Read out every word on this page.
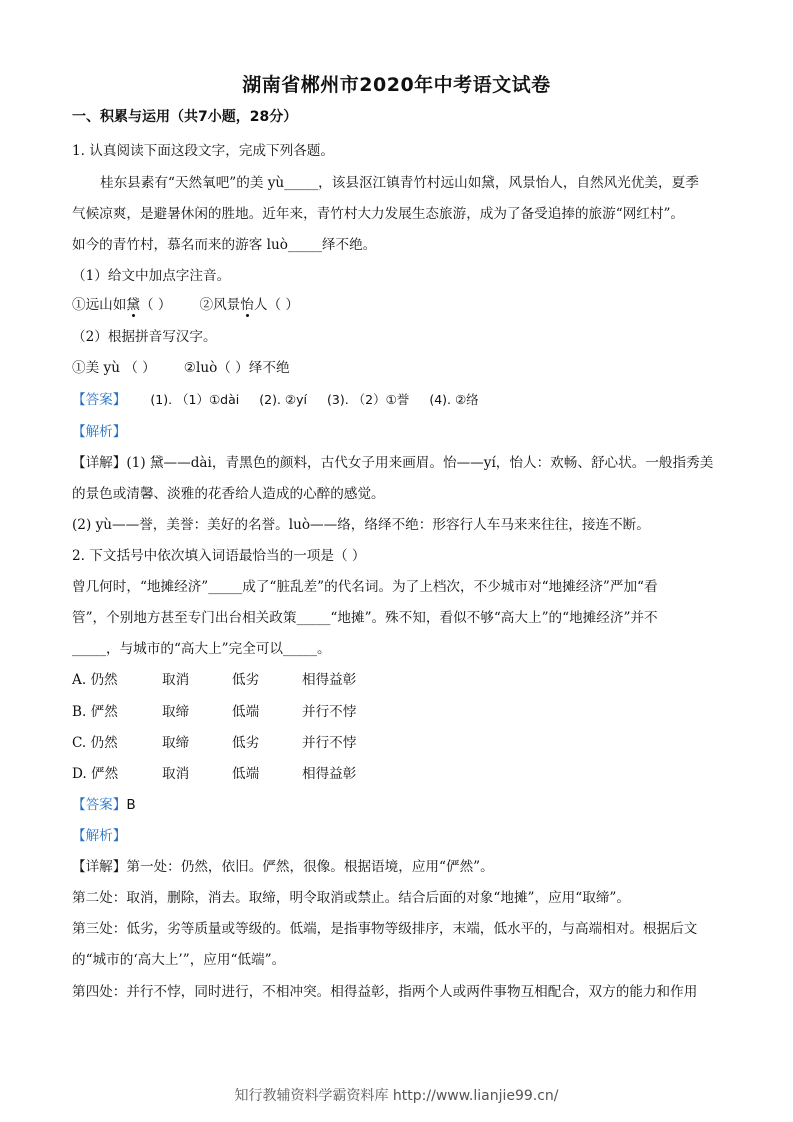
湖南省郴州市2020年中考语文试卷
一、积累与运用（共7小题，28分）
1. 认真阅读下面这段文字，完成下列各题。
桂东县素有“天然氧吧”的美 yù_____，该县沤江镇青竹村远山如黛，风景怡人，自然风光优美，夏季
气候凉爽，是避暑休闲的胜地。近年来，青竹村大力发展生态旅游，成为了备受追捧的旅游“网红村”。
如今的青竹村，慕名而来的游客 luò_____绎不绝。
（1）给文中加点字注音。
①远山如黛（ ） ②风景怡人（ ）
（2）根据拼音写汉字。
①美 yù （ ） ②luò（ ）绎不绝
【答案】 (1). （1）①dài (2). ②yí (3). （2）①誉 (4). ②络
【解析】
【详解】(1) 黛——dài，青黑色的颜料，古代女子用来画眉。怡——yí，怡人：欢畅、舒心状。一般指秀美
的景色或清馨、淡雅的花香给人造成的心醉的感觉。
(2) yù——誉，美誉：美好的名誉。luò——络，络绎不绝：形容行人车马来来往往，接连不断。
2. 下文括号中依次填入词语最恰当的一项是（ ）
曾几何时，“地摊经济”_____成了“脏乱差”的代名词。为了上档次，不少城市对“地摊经济”严加“看
管”，个别地方甚至专门出台相关政策_____“地摊”。殊不知，看似不够“高大上”的“地摊经济”并不
_____，与城市的“高大上”完全可以_____。
A. 仍然	取消	低劣	相得益彰
B. 俨然	取缔	低端	并行不悖
C. 仍然	取缔	低劣	并行不悖
D. 俨然	取消	低端	相得益彰
【答案】B
【解析】
【详解】第一处：仍然，依旧。俨然，很像。根据语境，应用“俨然”。
第二处：取消，删除，消去。取缔，明令取消或禁止。结合后面的对象“地摊”，应用“取缔”。
第三处：低劣，劣等质量或等级的。低端，是指事物等级排序，末端，低水平的，与高端相对。根据后文
的“城市的‘高大上’”，应用“低端”。
第四处：并行不悖，同时进行，不相冲突。相得益彰，指两个人或两件事物互相配合，双方的能力和作用
知行教辅资料学霸资料库 http://www.lianjie99.cn/
